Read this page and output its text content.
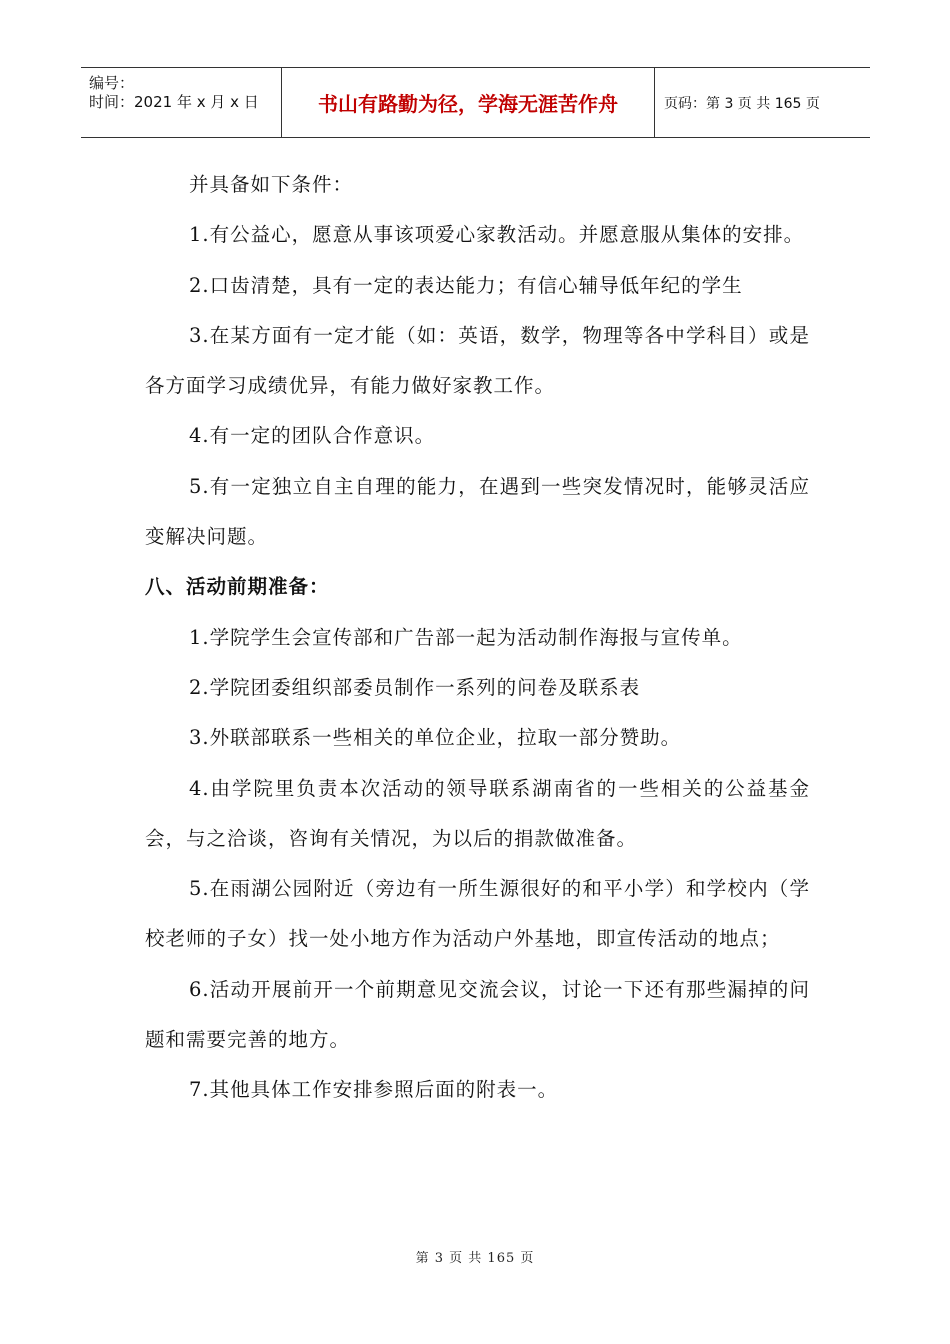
编号：
时间：2021 年 x 月 x 日	书山有路勤为径，学海无涯苦作舟	页码：第 3 页 共 165 页

并具备如下条件：

1.有公益心，愿意从事该项爱心家教活动。并愿意服从集体的安排。

2.口齿清楚，具有一定的表达能力；有信心辅导低年纪的学生

3.在某方面有一定才能（如：英语，数学，物理等各中学科目）或是各方面学习成绩优异，有能力做好家教工作。

4.有一定的团队合作意识。

5.有一定独立自主自理的能力，在遇到一些突发情况时，能够灵活应变解决问题。

八、活动前期准备：

1.学院学生会宣传部和广告部一起为活动制作海报与宣传单。

2.学院团委组织部委员制作一系列的问卷及联系表

3.外联部联系一些相关的单位企业，拉取一部分赞助。

4.由学院里负责本次活动的领导联系湖南省的一些相关的公益基金会，与之洽谈，咨询有关情况，为以后的捐款做准备。

5.在雨湖公园附近（旁边有一所生源很好的和平小学）和学校内（学校老师的子女）找一处小地方作为活动户外基地，即宣传活动的地点；

6.活动开展前开一个前期意见交流会议，讨论一下还有那些漏掉的问题和需要完善的地方。

7.其他具体工作安排参照后面的附表一。

第 3 页 共 165 页
